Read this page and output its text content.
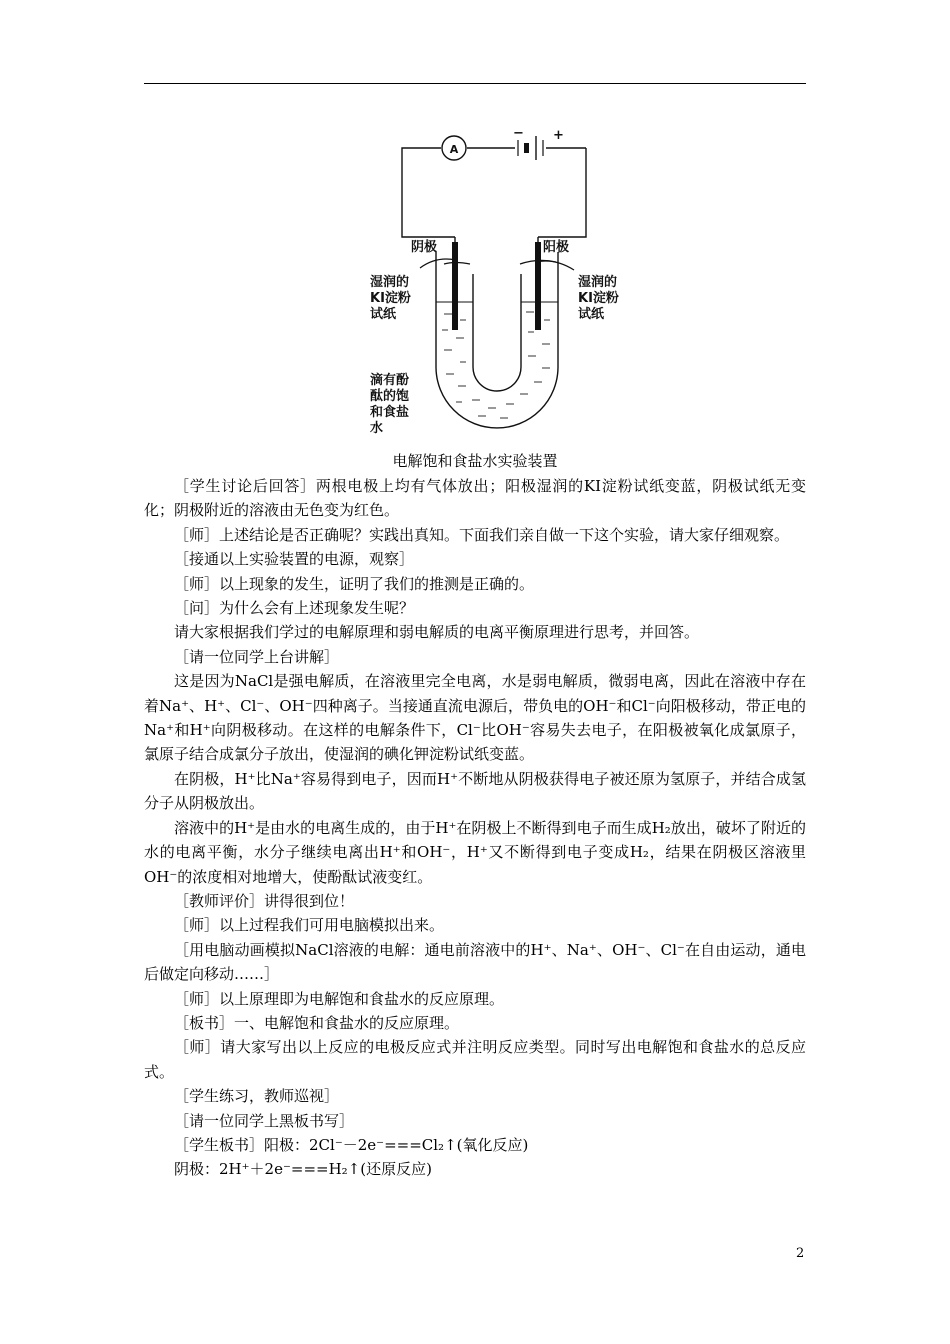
A
− +
阴极	阳极
湿润的
KI淀粉
试纸
湿润的
KI淀粉
试纸
滴有酚
酞的饱
和食盐
水
电解饱和食盐水实验装置

［学生讨论后回答］两根电极上均有气体放出；阳极湿润的KI淀粉试纸变蓝，阴极试纸无变化；阴极附近的溶液由无色变为红色。

［师］上述结论是否正确呢？实践出真知。下面我们亲自做一下这个实验，请大家仔细观察。

［接通以上实验装置的电源，观察］

［师］以上现象的发生，证明了我们的推测是正确的。

［问］为什么会有上述现象发生呢？

请大家根据我们学过的电解原理和弱电解质的电离平衡原理进行思考，并回答。

［请一位同学上台讲解］

这是因为NaCl是强电解质，在溶液里完全电离，水是弱电解质，微弱电离，因此在溶液中存在着Na⁺、H⁺、Cl⁻、OH⁻四种离子。当接通直流电源后，带负电的OH⁻和Cl⁻向阳极移动，带正电的Na⁺和H⁺向阴极移动。在这样的电解条件下，Cl⁻比OH⁻容易失去电子，在阳极被氧化成氯原子，氯原子结合成氯分子放出，使湿润的碘化钾淀粉试纸变蓝。

在阴极，H⁺比Na⁺容易得到电子，因而H⁺不断地从阴极获得电子被还原为氢原子，并结合成氢分子从阴极放出。

溶液中的H⁺是由水的电离生成的，由于H⁺在阴极上不断得到电子而生成H₂放出，破坏了附近的水的电离平衡，水分子继续电离出H⁺和OH⁻，H⁺又不断得到电子变成H₂，结果在阴极区溶液里OH⁻的浓度相对地增大，使酚酞试液变红。

［教师评价］讲得很到位！

［师］以上过程我们可用电脑模拟出来。

［用电脑动画模拟NaCl溶液的电解：通电前溶液中的H⁺、Na⁺、OH⁻、Cl⁻在自由运动，通电后做定向移动……］

［师］以上原理即为电解饱和食盐水的反应原理。

［板书］一、电解饱和食盐水的反应原理。

［师］请大家写出以上反应的电极反应式并注明反应类型。同时写出电解饱和食盐水的总反应式。

［学生练习，教师巡视］

［请一位同学上黑板书写］

［学生板书］阳极：2Cl⁻－2e⁻===Cl₂↑(氧化反应)

阴极：2H⁺＋2e⁻===H₂↑(还原反应)

2
